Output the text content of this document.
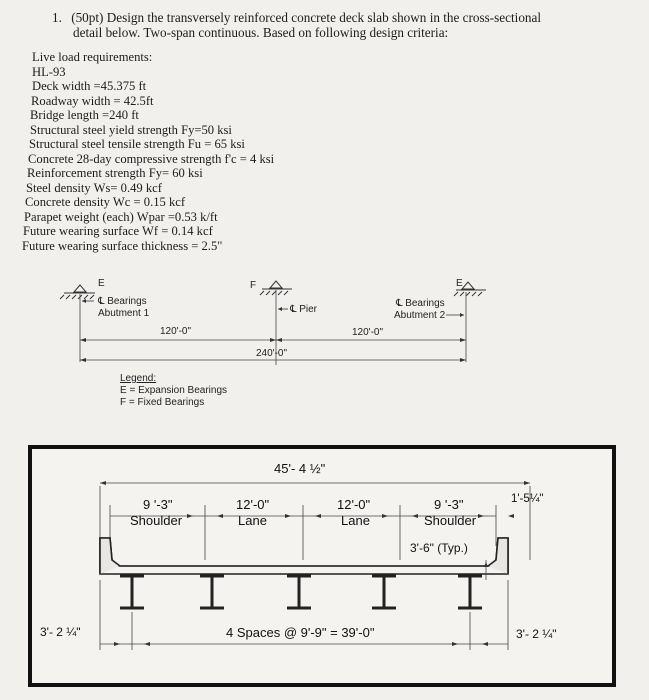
1. (50pt) Design the transversely reinforced concrete deck slab shown in the cross-sectional
detail below. Two-span continuous. Based on following design criteria:
Live load requirements:
HL-93
Deck width =45.375 ft
Roadway width = 42.5ft
Bridge length =240 ft
Structural steel yield strength Fy=50 ksi
Structural steel tensile strength Fu = 65 ksi
Concrete 28-day compressive strength f'c = 4 ksi
Reinforcement strength Fy= 60 ksi
Steel density Ws= 0.49 kcf
Concrete density Wc = 0.15 kcf
Parapet weight (each) Wpar =0.53 k/ft
Future wearing surface Wf = 0.14 kcf
Future wearing surface thickness = 2.5"
E
℄ Bearings
Abutment 1
F
℄ Pier
E
℄ Bearings
Abutment 2
120'-0"	120'-0"
240'-0"
Legend:
E = Expansion Bearings
F = Fixed Bearings
45'- 4 ½"
9 '-3"
Shoulder
12'-0"
Lane
12'-0"
Lane
9 '-3"
Shoulder
1'-5¼"
3'-6" (Typ.)
3'- 2 ¼"	4 Spaces @ 9'-9" = 39'-0"	3'- 2 ¼"
